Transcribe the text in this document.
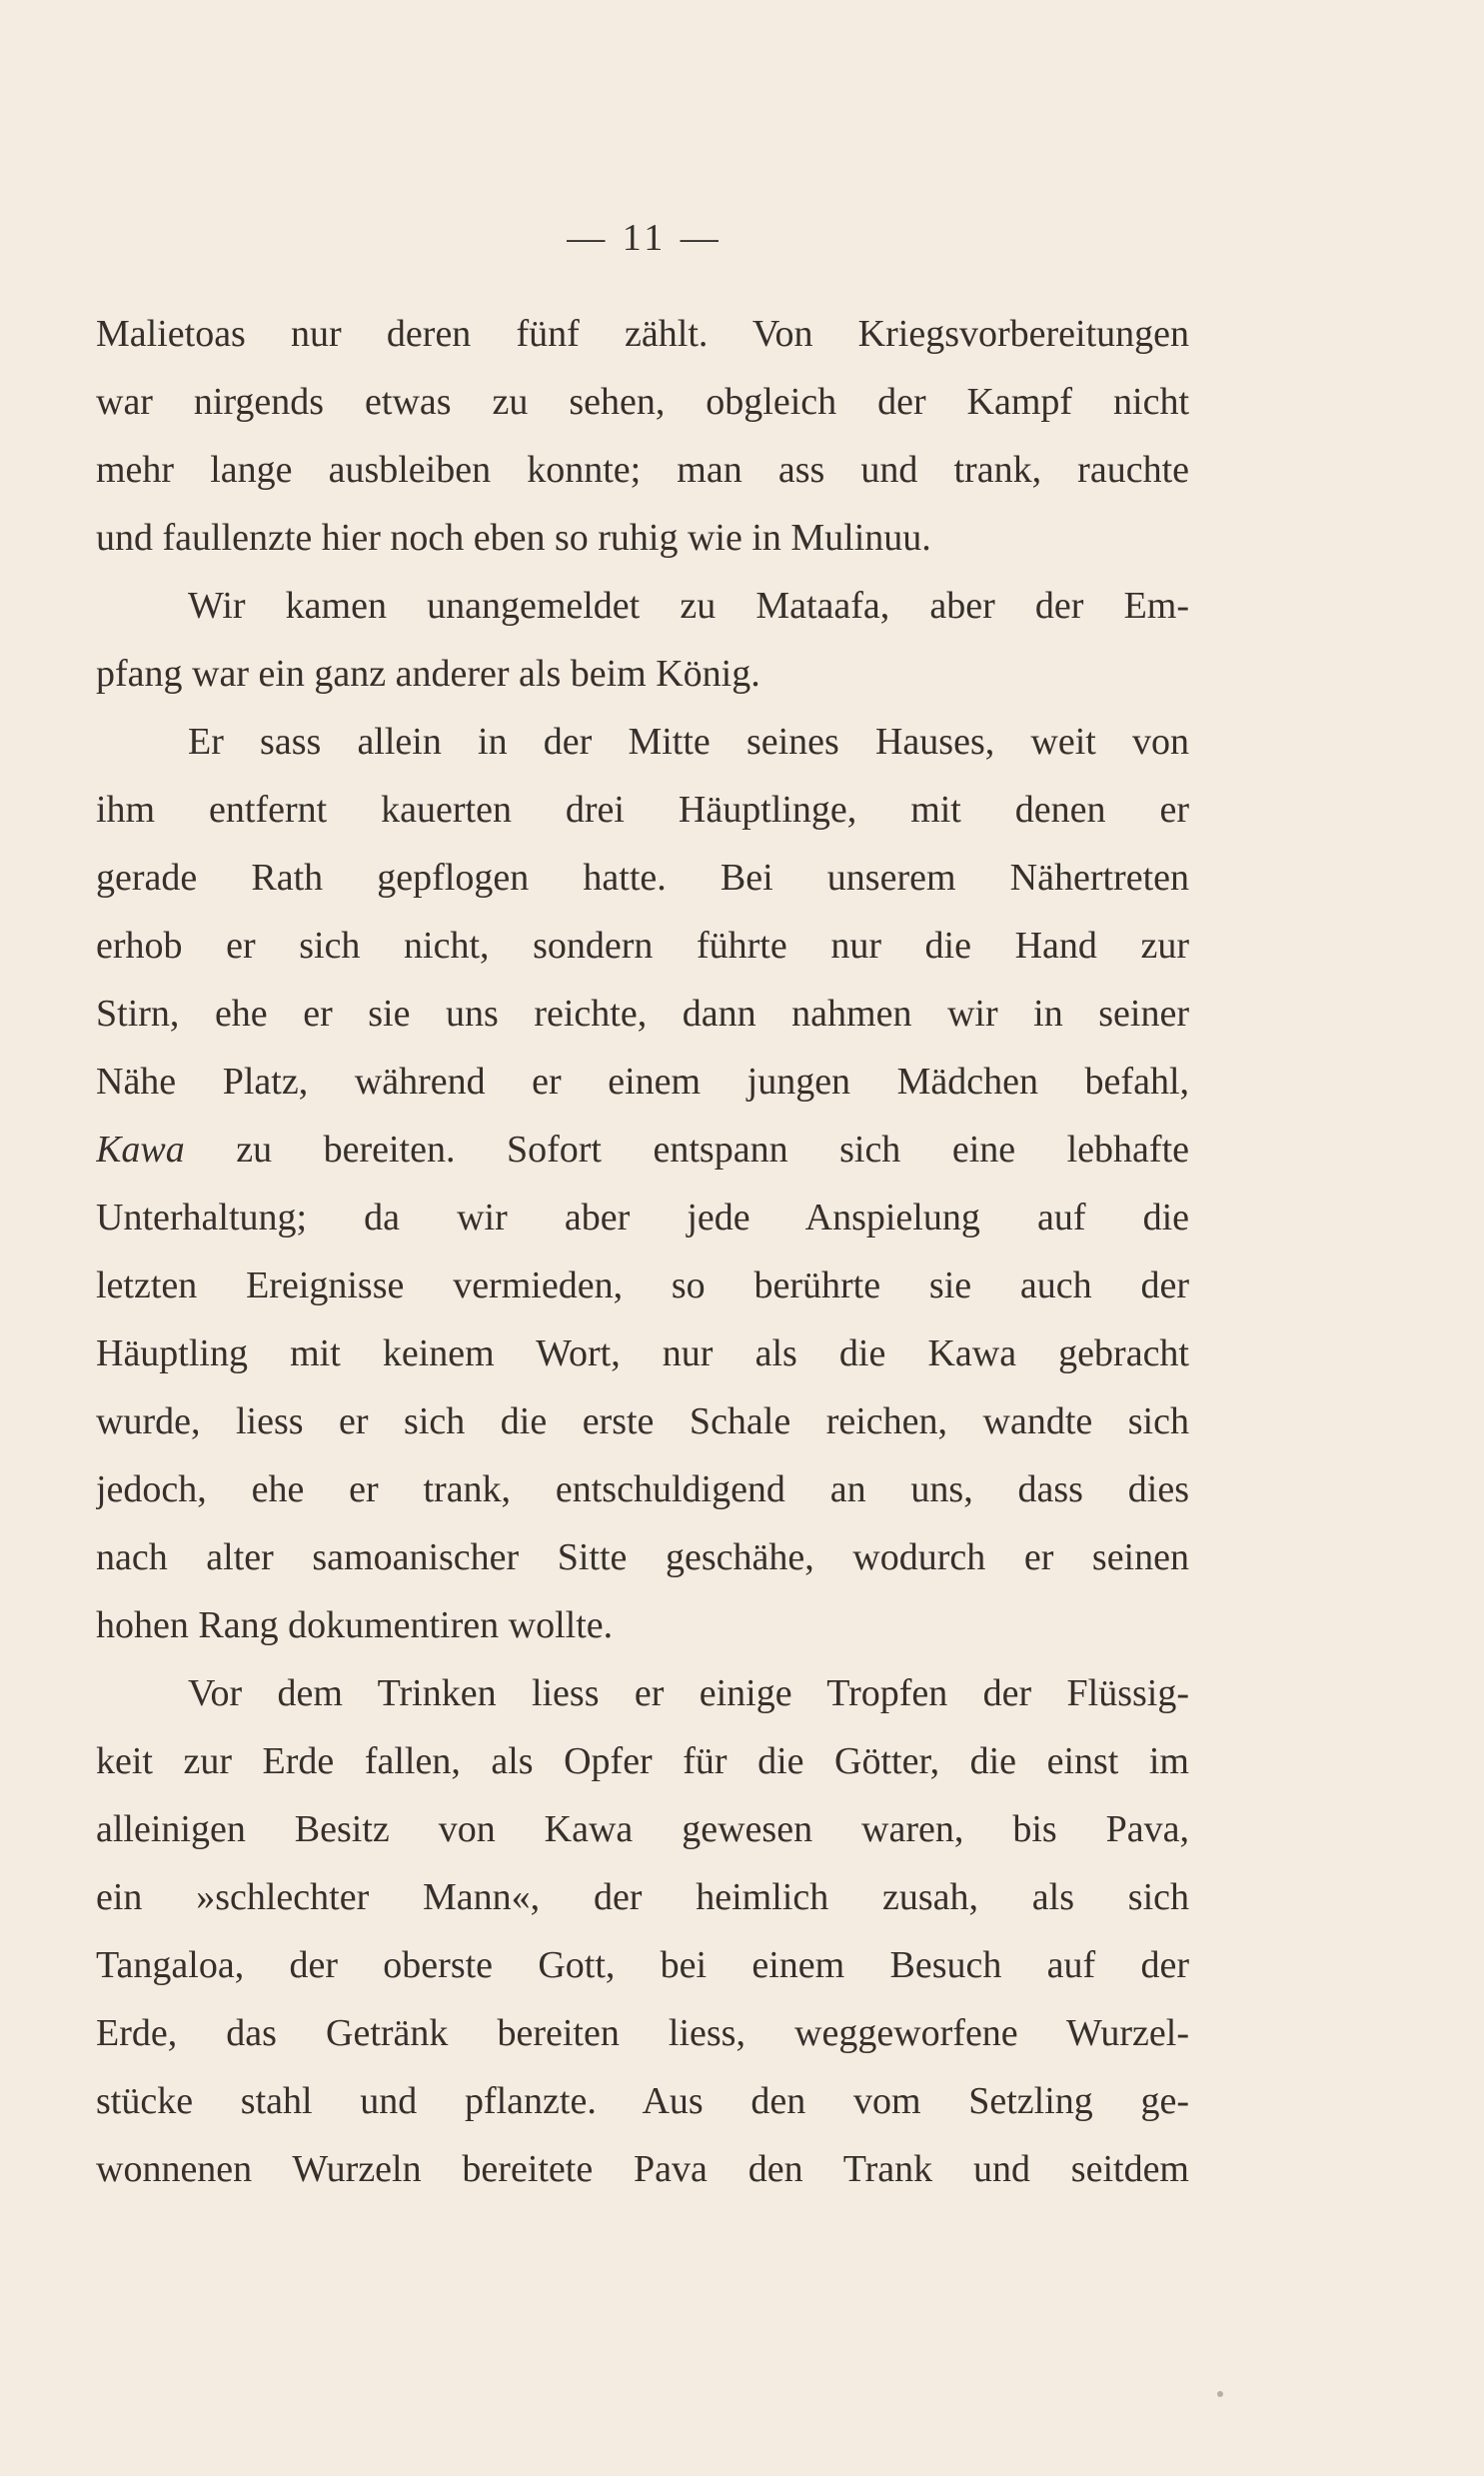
— 11 —
Malietoas nur deren fünf zählt. Von Kriegsvorbereitungen
war nirgends etwas zu sehen, obgleich der Kampf nicht
mehr lange ausbleiben konnte; man ass und trank, rauchte
und faullenzte hier noch eben so ruhig wie in Mulinuu.
Wir kamen unangemeldet zu Mataafa, aber der Em-
pfang war ein ganz anderer als beim König.
Er sass allein in der Mitte seines Hauses, weit von
ihm entfernt kauerten drei Häuptlinge, mit denen er
gerade Rath gepflogen hatte. Bei unserem Nähertreten
erhob er sich nicht, sondern führte nur die Hand zur
Stirn, ehe er sie uns reichte, dann nahmen wir in seiner
Nähe Platz, während er einem jungen Mädchen befahl,
Kawa zu bereiten. Sofort entspann sich eine lebhafte
Unterhaltung; da wir aber jede Anspielung auf die
letzten Ereignisse vermieden, so berührte sie auch der
Häuptling mit keinem Wort, nur als die Kawa gebracht
wurde, liess er sich die erste Schale reichen, wandte sich
jedoch, ehe er trank, entschuldigend an uns, dass dies
nach alter samoanischer Sitte geschähe, wodurch er seinen
hohen Rang dokumentiren wollte.
Vor dem Trinken liess er einige Tropfen der Flüssig-
keit zur Erde fallen, als Opfer für die Götter, die einst im
alleinigen Besitz von Kawa gewesen waren, bis Pava,
ein »schlechter Mann«, der heimlich zusah, als sich
Tangaloa, der oberste Gott, bei einem Besuch auf der
Erde, das Getränk bereiten liess, weggeworfene Wurzel-
stücke stahl und pflanzte. Aus den vom Setzling ge-
wonnenen Wurzeln bereitete Pava den Trank und seitdem
